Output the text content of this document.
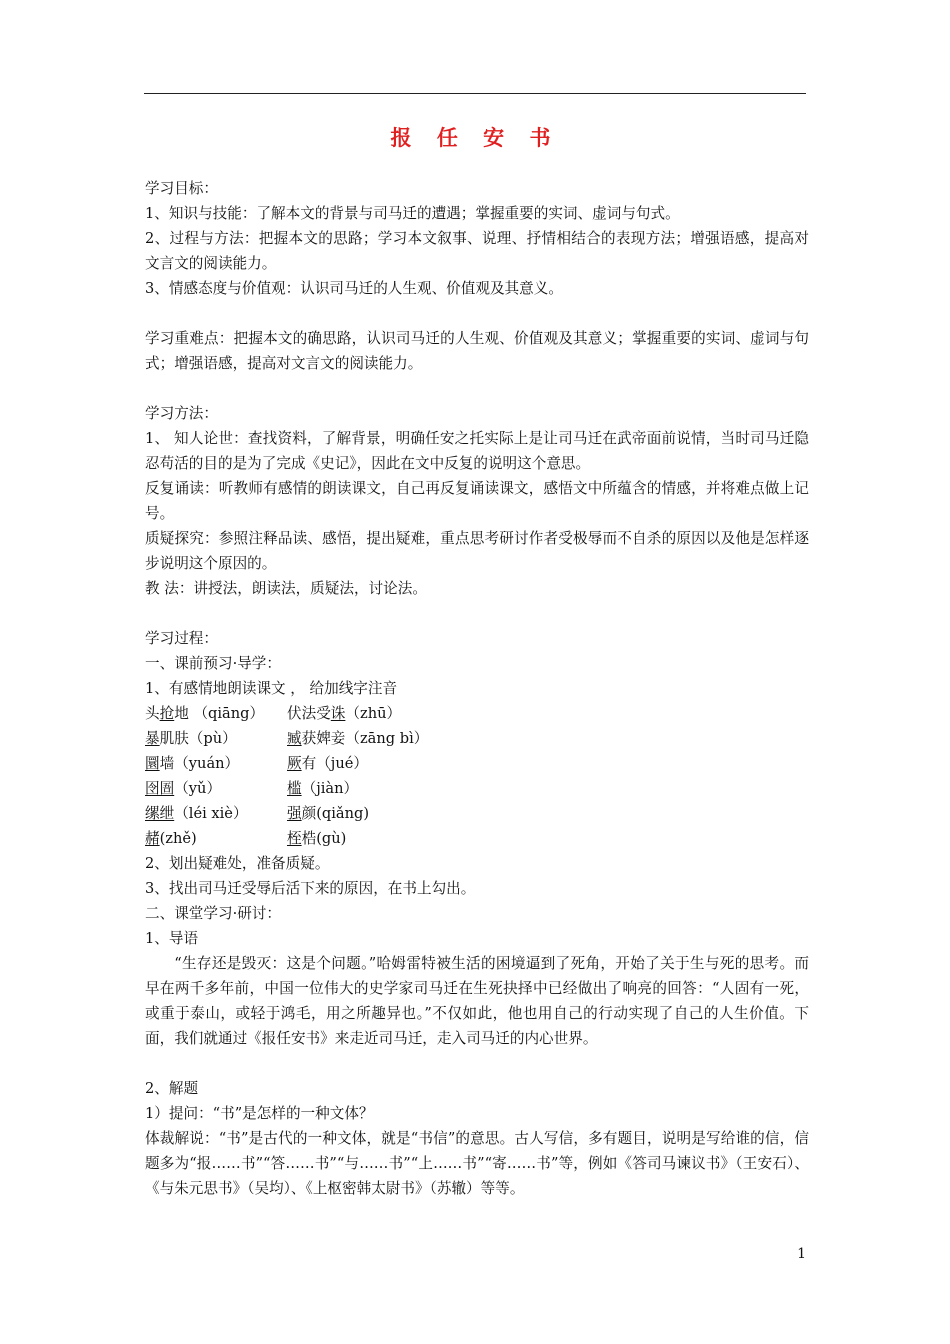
报 任 安 书

学习目标：

1、知识与技能：了解本文的背景与司马迁的遭遇；掌握重要的实词、虚词与句式。

2、过程与方法：把握本文的思路；学习本文叙事、说理、抒情相结合的表现方法；增强语感，提高对文言文的阅读能力。

3、情感态度与价值观：认识司马迁的人生观、价值观及其意义。

学习重难点：把握本文的确思路，认识司马迁的人生观、价值观及其意义；掌握重要的实词、虚词与句式；增强语感，提高对文言文的阅读能力。

学习方法：

1、 知人论世：查找资料，了解背景，明确任安之托实际上是让司马迁在武帝面前说情，当时司马迁隐忍苟活的目的是为了完成《史记》，因此在文中反复的说明这个意思。

反复诵读：听教师有感情的朗读课文，自己再反复诵读课文，感悟文中所蕴含的情感，并将难点做上记号。

质疑探究：参照注释品读、感悟，提出疑难，重点思考研讨作者受极辱而不自杀的原因以及他是怎样逐步说明这个原因的。

教 法：讲授法，朗读法，质疑法，讨论法。

学习过程：

一、课前预习·导学：

1、有感情地朗读课文 ， 给加线字注音

头抢地 （qiāng）	伏法受诛（zhū）
暴肌肤（pù）	臧获婢妾（zāng bì）
圜墙（yuán）	厥有（jué）
囹圄（yǔ）	槛（jiàn）
缧绁（léi xiè）	强颜(qiǎng)
赭(zhě)	桎梏(gù)

2、划出疑难处，准备质疑。

3、找出司马迁受辱后活下来的原因，在书上勾出。

二、课堂学习·研讨：

1、导语

“生存还是毁灭：这是个问题。”哈姆雷特被生活的困境逼到了死角，开始了关于生与死的思考。而早在两千多年前，中国一位伟大的史学家司马迁在生死抉择中已经做出了响亮的回答：“人固有一死，或重于泰山，或轻于鸿毛，用之所趣异也。”不仅如此，他也用自己的行动实现了自己的人生价值。下面，我们就通过《报任安书》来走近司马迁，走入司马迁的内心世界。

2、解题

1）提问：“书”是怎样的一种文体？

体裁解说：“书”是古代的一种文体，就是“书信”的意思。古人写信，多有题目，说明是写给谁的信，信题多为“报……书”“答……书”“与……书”“上……书”“寄……书”等，例如《答司马谏议书》（王安石）、《与朱元思书》（吴均）、《上枢密韩太尉书》（苏辙）等等。

1
